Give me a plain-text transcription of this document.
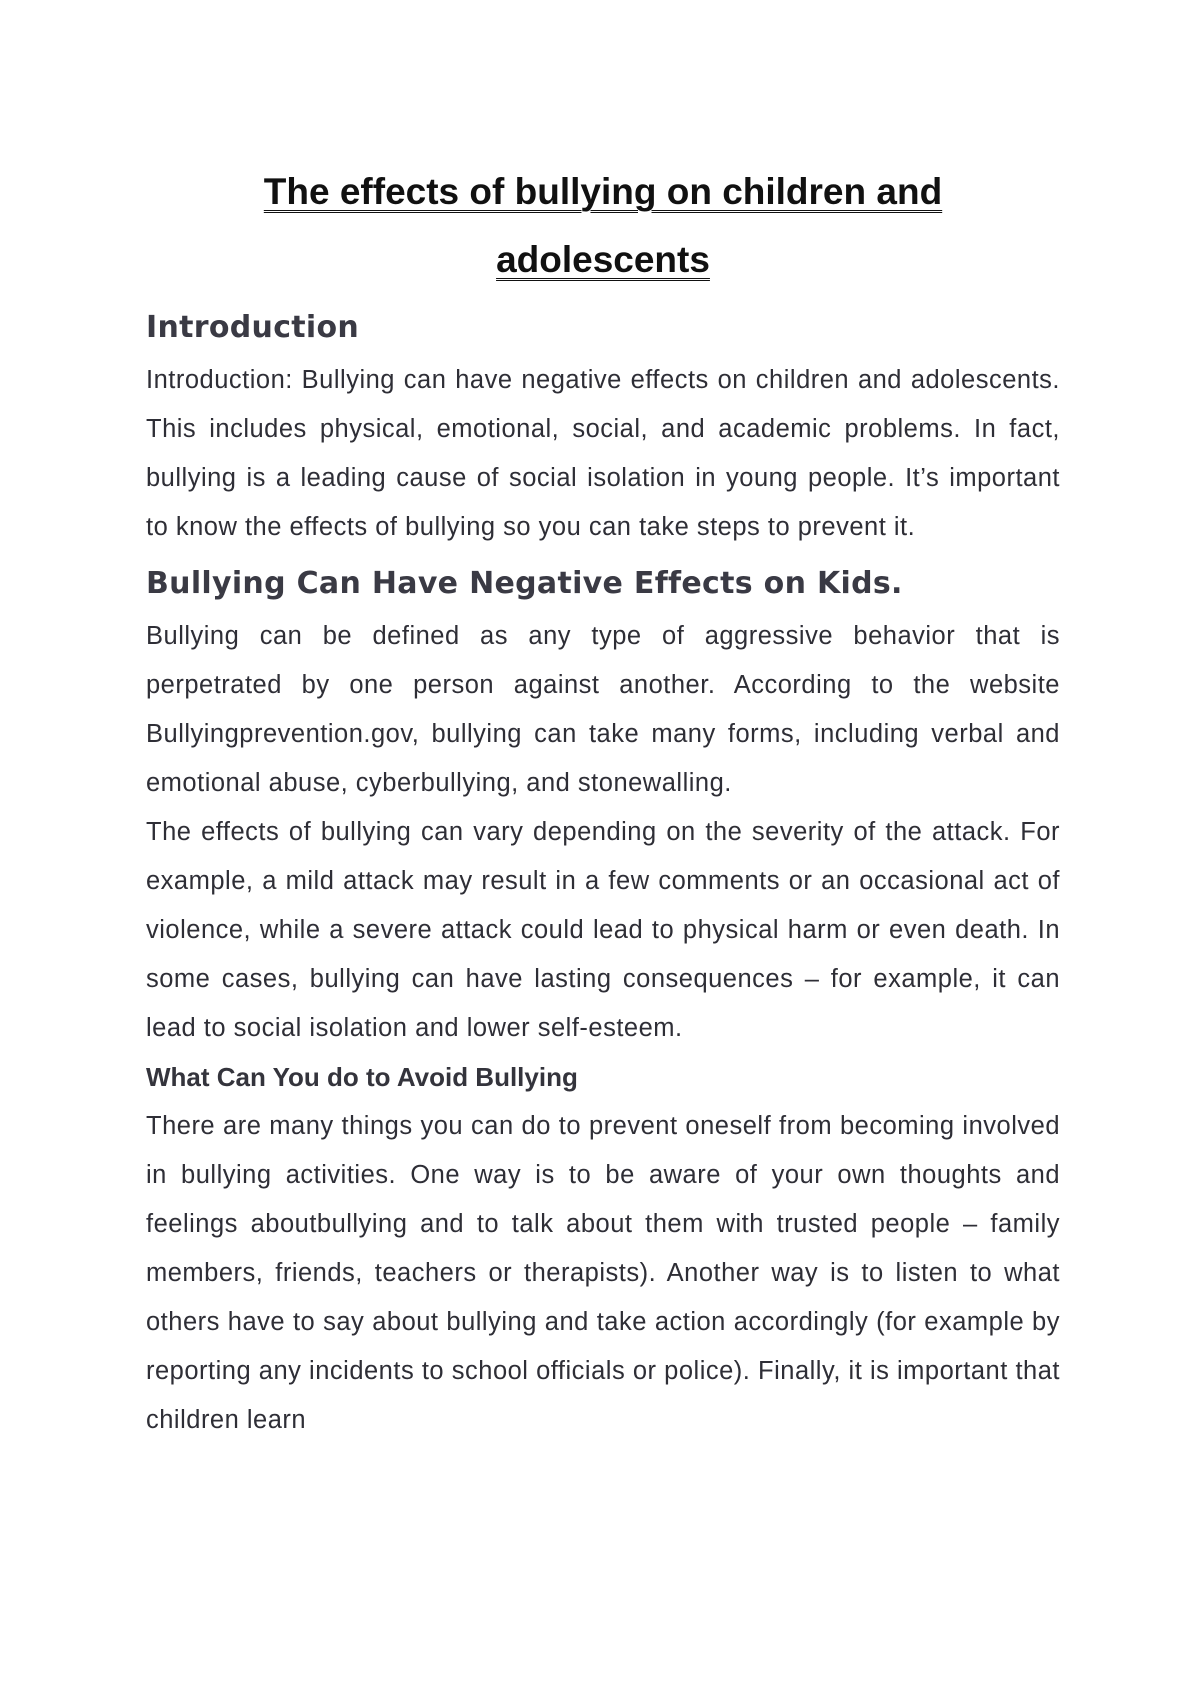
The effects of bullying on children and
adolescents
Introduction

Introduction: Bullying can have negative effects on children and adolescents. This includes physical, emotional, social, and academic problems. In fact, bullying is a leading cause of social isolation in young people. It’s important to know the effects of bullying so you can take steps to prevent it.

Bullying Can Have Negative Effects on Kids.

Bullying can be defined as any type of aggressive behavior that is perpetrated by one person against another. According to the website Bullyingprevention.gov, bullying can take many forms, including verbal and emotional abuse, cyberbullying, and stonewalling.

The effects of bullying can vary depending on the severity of the attack. For example, a mild attack may result in a few comments or an occasional act of violence, while a severe attack could lead to physical harm or even death. In some cases, bullying can have lasting consequences – for example, it can lead to social isolation and lower self-esteem.

What Can You do to Avoid Bullying

There are many things you can do to prevent oneself from becoming involved in bullying activities. One way is to be aware of your own thoughts and feelings aboutbullying and to talk about them with trusted people – family members, friends, teachers or therapists). Another way is to listen to what others have to say about bullying and take action accordingly (for example by reporting any incidents to school officials or police). Finally, it is important that children learn
